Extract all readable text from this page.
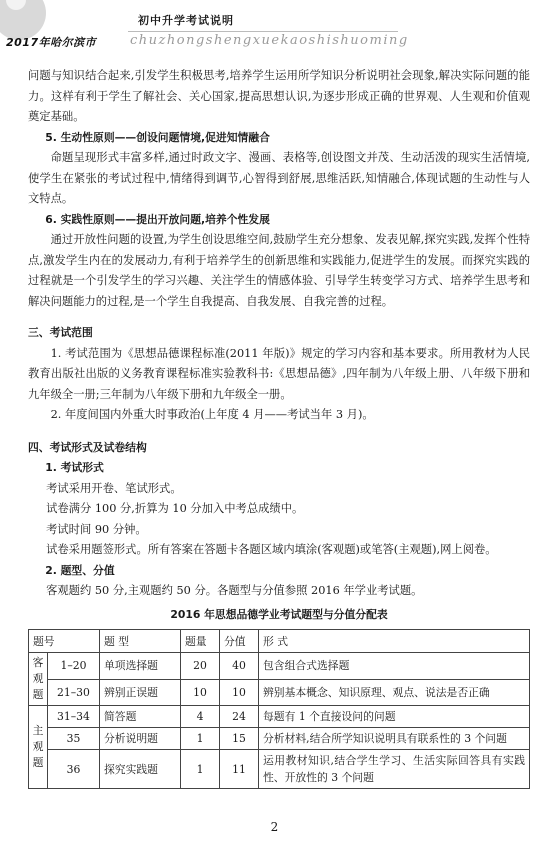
2017年哈尔滨市
初中升学考试说明
chuzhongshengxuekaoshishuoming

问题与知识结合起来,引发学生积极思考,培养学生运用所学知识分析说明社会现象,解决实际问题的能力。这样有利于学生了解社会、关心国家,提高思想认识,为逐步形成正确的世界观、人生观和价值观奠定基础。

5. 生动性原则——创设问题情境,促进知情融合

命题呈现形式丰富多样,通过时政文字、漫画、表格等,创设图文并茂、生动活泼的现实生活情境,使学生在紧张的考试过程中,情绪得到调节,心智得到舒展,思维活跃,知情融合,体现试题的生动性与人文特点。

6. 实践性原则——提出开放问题,培养个性发展

通过开放性问题的设置,为学生创设思维空间,鼓励学生充分想象、发表见解,探究实践,发挥个性特点,激发学生内在的发展动力,有利于培养学生的创新思维和实践能力,促进学生的发展。而探究实践的过程就是一个引发学生的学习兴趣、关注学生的情感体验、引导学生转变学习方式、培养学生思考和解决问题能力的过程,是一个学生自我提高、自我发展、自我完善的过程。

三、考试范围

1. 考试范围为《思想品德课程标准(2011 年版)》规定的学习内容和基本要求。所用教材为人民教育出版社出版的义务教育课程标准实验教科书:《思想品德》,四年制为八年级上册、八年级下册和九年级全一册;三年制为八年级下册和九年级全一册。

2. 年度间国内外重大时事政治(上年度 4 月——考试当年 3 月)。

四、考试形式及试卷结构

1. 考试形式

考试采用开卷、笔试形式。

试卷满分 100 分,折算为 10 分加入中考总成绩中。

考试时间 90 分钟。

试卷采用题签形式。所有答案在答题卡各题区域内填涂(客观题)或笔答(主观题),网上阅卷。

2. 题型、分值

客观题约 50 分,主观题约 50 分。各题型与分值参照 2016 年学业考试题。

2016 年思想品德学业考试题型与分值分配表

题号		题 型	题量	分值	形 式
客观题	1–20	单项选择题	20	40	包含组合式选择题
	21–30	辨别正误题	10	10	辨别基本概念、知识原理、观点、说法是否正确
主观题	31–34	简答题	4	24	每题有 1 个直接设问的问题
	35	分析说明题	1	15	分析材料,结合所学知识说明具有联系性的 3 个问题
	36	探究实践题	1	11	运用教材知识,结合学生学习、生活实际回答具有实践性、开放性的 3 个问题
2
